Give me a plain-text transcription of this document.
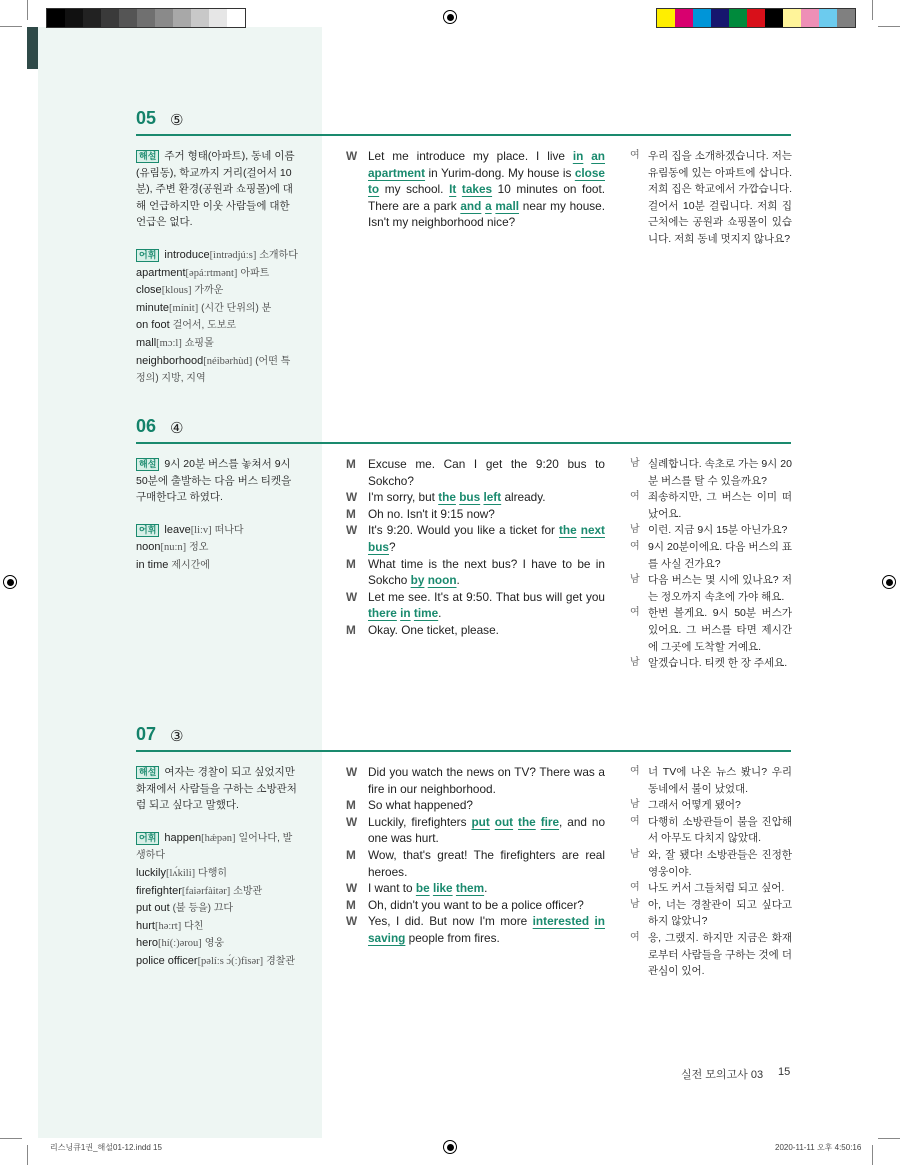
05 ⑤
해설 주거 형태(아파트), 동네 이름(유림동), 학교까지 거리(걸어서 10분), 주변 환경(공원과 쇼핑몰)에 대해 언급하지만 이웃 사람들에 대한 언급은 없다.
어휘 introduce[ìntrədjúːs] 소개하다
apartment[əpáːrtmənt] 아파트
close[klous] 가까운
minute[mínit] (시간 단위의) 분
on foot 걸어서, 도보로
mall[mɔːl] 쇼핑몰
neighborhood[néibərhùd] (어떤 특정의) 지방, 지역
W Let me introduce my place. I live in an apartment in Yurim-dong. My house is close to my school. It takes 10 minutes on foot. There are a park and a mall near my house. Isn't my neighborhood nice?
여 우리 집을 소개하겠습니다. 저는 유림동에 있는 아파트에 삽니다. 저희 집은 학교에서 가깝습니다. 걸어서 10분 걸립니다. 저희 집 근처에는 공원과 쇼핑몰이 있습니다. 저희 동네 멋지지 않나요?
06 ④
해설 9시 20분 버스를 놓쳐서 9시 50분에 출발하는 다음 버스 티켓을 구매한다고 하였다.
어휘 leave[liːv] 떠나다
noon[nuːn] 정오
in time 제시간에
M	Excuse me. Can I get the 9:20 bus to Sokcho?
W I'm sorry, but the bus left already.
M	Oh no. Isn't it 9:15 now?
W It's 9:20. Would you like a ticket for the next bus?
M	What time is the next bus? I have to be in Sokcho by noon.
W Let me see. It's at 9:50. That bus will get you there in time.
M	Okay. One ticket, please.
남 실례합니다. 속초로 가는 9시 20분 버스를 탈 수 있을까요?
여 죄송하지만, 그 버스는 이미 떠났어요.
남 이런. 지금 9시 15분 아닌가요?
여 9시 20분이에요. 다음 버스의 표를 사실 건가요?
남 다음 버스는 몇 시에 있나요? 저는 정오까지 속초에 가야 해요.
여 한번 볼게요. 9시 50분 버스가 있어요. 그 버스를 타면 제시간에 그곳에 도착할 거예요.
남 알겠습니다. 티켓 한 장 주세요.
07 ③
해설 여자는 경찰이 되고 싶었지만 화재에서 사람들을 구하는 소방관처럼 되고 싶다고 말했다.
어휘 happen[hǽpən] 일어나다, 발생하다
luckily[lʌ́kili] 다행히
firefighter[faiərfàitər] 소방관
put out (불 등을) 끄다
hurt[həːrt] 다친
hero[hí(ː)ərou] 영웅
police officer[pəlíːs ɔ́(ː)fisər] 경찰관
W Did you watch the news on TV? There was a fire in our neighborhood.
M	So what happened?
W Luckily, firefighters put out the fire, and no one was hurt.
M	Wow, that's great! The firefighters are real heroes.
W I want to be like them.
M	Oh, didn't you want to be a police officer?
W Yes, I did. But now I'm more interested in saving people from fires.
여 너 TV에 나온 뉴스 봤니? 우리 동네에서 불이 났었대.
남 그래서 어떻게 됐어?
여 다행히 소방관들이 불을 진압해서 아무도 다치지 않았대.
남 와, 잘 됐다! 소방관들은 진정한 영웅이야.
여 나도 커서 그들처럼 되고 싶어.
남 아, 너는 경찰관이 되고 싶다고 하지 않았니?
여 응, 그랬지. 하지만 지금은 화재로부터 사람들을 구하는 것에 더 관심이 있어.
실전 모의고사 03 15
리스닝큐1권_해설01-12.indd 15	2020-11-11 오후 4:50:16
